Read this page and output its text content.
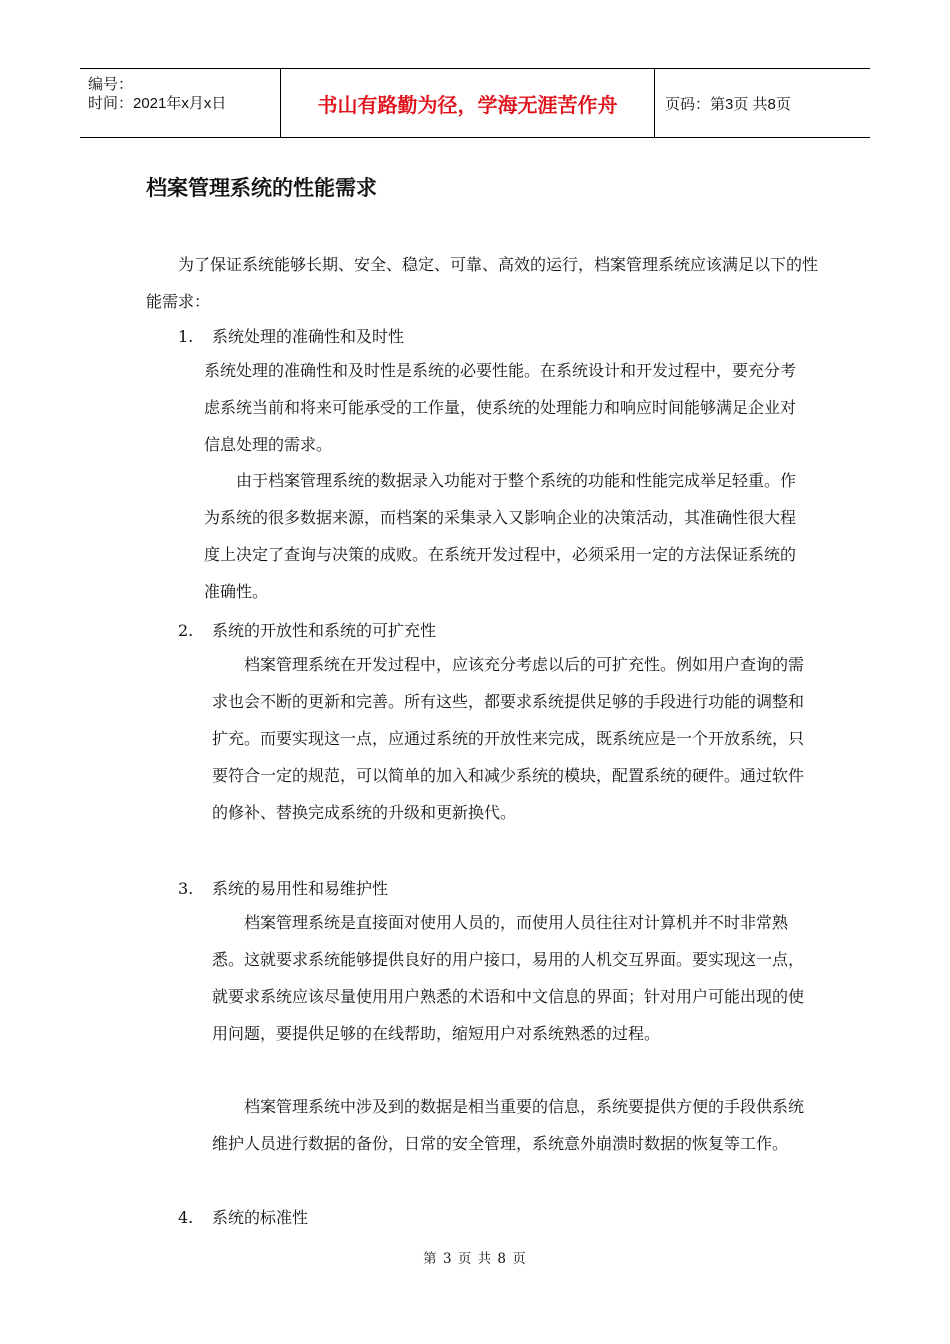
编号：
时间：2021年x月x日	书山有路勤为径，学海无涯苦作舟	页码：第3页 共8页
档案管理系统的性能需求

为了保证系统能够长期、安全、稳定、可靠、高效的运行，档案管理系统应该满足以下的性能需求：

1. 系统处理的准确性和及时性

系统处理的准确性和及时性是系统的必要性能。在系统设计和开发过程中，要充分考虑系统当前和将来可能承受的工作量，使系统的处理能力和响应时间能够满足企业对信息处理的需求。

由于档案管理系统的数据录入功能对于整个系统的功能和性能完成举足轻重。作为系统的很多数据来源，而档案的采集录入又影响企业的决策活动，其准确性很大程度上决定了查询与决策的成败。在系统开发过程中，必须采用一定的方法保证系统的准确性。

2. 系统的开放性和系统的可扩充性

档案管理系统在开发过程中，应该充分考虑以后的可扩充性。例如用户查询的需求也会不断的更新和完善。所有这些，都要求系统提供足够的手段进行功能的调整和扩充。而要实现这一点，应通过系统的开放性来完成，既系统应是一个开放系统，只要符合一定的规范，可以简单的加入和减少系统的模块，配置系统的硬件。通过软件的修补、替换完成系统的升级和更新换代。

3. 系统的易用性和易维护性

档案管理系统是直接面对使用人员的，而使用人员往往对计算机并不时非常熟悉。这就要求系统能够提供良好的用户接口，易用的人机交互界面。要实现这一点，就要求系统应该尽量使用用户熟悉的术语和中文信息的界面；针对用户可能出现的使用问题，要提供足够的在线帮助，缩短用户对系统熟悉的过程。

档案管理系统中涉及到的数据是相当重要的信息，系统要提供方便的手段供系统维护人员进行数据的备份，日常的安全管理，系统意外崩溃时数据的恢复等工作。

4. 系统的标准性
第 3 页 共 8 页
